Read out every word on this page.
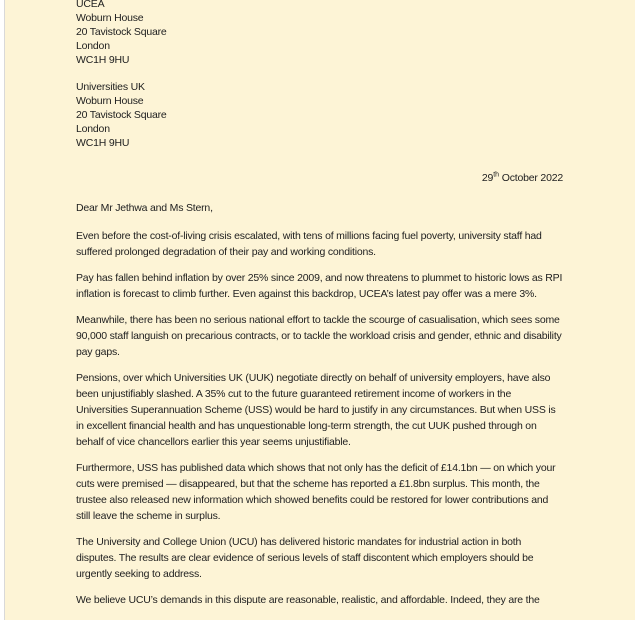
UCEA

Woburn House

20 Tavistock Square

London

WC1H 9HU

Universities UK

Woburn House

20 Tavistock Square

London

WC1H 9HU

29th October 2022

Dear Mr Jethwa and Ms Stern,

Even before the cost-of-living crisis escalated, with tens of millions facing fuel poverty, university staff had suffered prolonged degradation of their pay and working conditions.

Pay has fallen behind inflation by over 25% since 2009, and now threatens to plummet to historic lows as RPI inflation is forecast to climb further. Even against this backdrop, UCEA’s latest pay offer was a mere 3%.

Meanwhile, there has been no serious national effort to tackle the scourge of casualisation, which sees some 90,000 staff languish on precarious contracts, or to tackle the workload crisis and gender, ethnic and disability pay gaps.

Pensions, over which Universities UK (UUK) negotiate directly on behalf of university employers, have also been unjustifiably slashed. A 35% cut to the future guaranteed retirement income of workers in the Universities Superannuation Scheme (USS) would be hard to justify in any circumstances. But when USS is in excellent financial health and has unquestionable long-term strength, the cut UUK pushed through on behalf of vice chancellors earlier this year seems unjustifiable.

Furthermore, USS has published data which shows that not only has the deficit of £14.1bn — on which your cuts were premised — disappeared, but that the scheme has reported a £1.8bn surplus. This month, the trustee also released new information which showed benefits could be restored for lower contributions and still leave the scheme in surplus.

The University and College Union (UCU) has delivered historic mandates for industrial action in both disputes. The results are clear evidence of serious levels of staff discontent which employers should be urgently seeking to address.

We believe UCU’s demands in this dispute are reasonable, realistic, and affordable. Indeed, they are the
